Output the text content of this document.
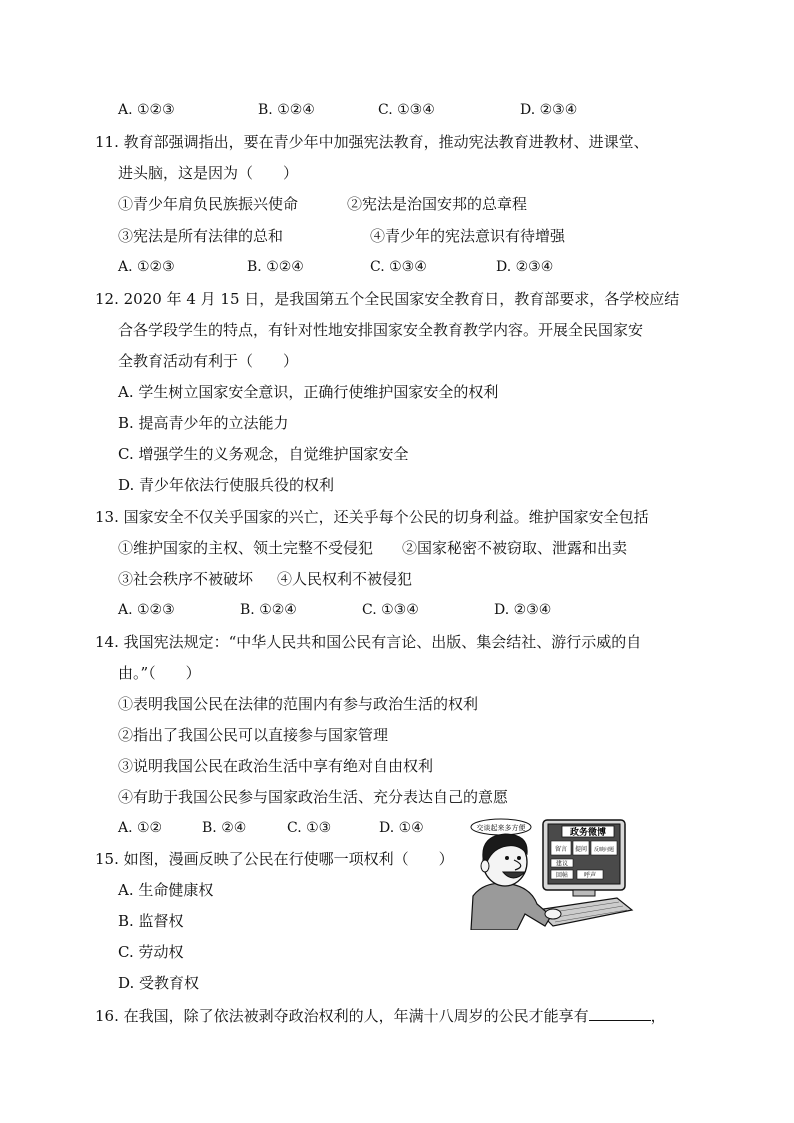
A. ①②③	B. ①②④	C. ①③④	D. ②③④
11. 教育部强调指出，要在青少年中加强宪法教育，推动宪法教育进教材、进课堂、
进头脑，这是因为（　　）
①青少年肩负民族振兴使命	②宪法是治国安邦的总章程
③宪法是所有法律的总和	④青少年的宪法意识有待增强
A. ①②③	B. ①②④	C. ①③④	D. ②③④
12. 2020 年 4 月 15 日，是我国第五个全民国家安全教育日，教育部要求，各学校应结
合各学段学生的特点，有针对性地安排国家安全教育教学内容。开展全民国家安
全教育活动有利于（　　）
A. 学生树立国家安全意识，正确行使维护国家安全的权利
B. 提高青少年的立法能力
C. 增强学生的义务观念，自觉维护国家安全
D. 青少年依法行使服兵役的权利
13. 国家安全不仅关乎国家的兴亡，还关乎每个公民的切身利益。维护国家安全包括
①维护国家的主权、领土完整不受侵犯 ②国家秘密不被窃取、泄露和出卖
③社会秩序不被破坏 ④人民权利不被侵犯
A. ①②③	B. ①②④	C. ①③④	D. ②③④
14. 我国宪法规定：“中华人民共和国公民有言论、出版、集会结社、游行示威的自
由。”（　　）
①表明我国公民在法律的范围内有参与政治生活的权利
②指出了我国公民可以直接参与国家管理
③说明我国公民在政治生活中享有绝对自由权利
④有助于我国公民参与国家政治生活、充分表达自己的意愿
A. ①②	B. ②④	C. ①③	D. ①④
15. 如图，漫画反映了公民在行使哪一项权利（　　）
A. 生命健康权
B. 监督权
C. 劳动权
D. 受教育权
交谈起来多方便	政务微博
留言 提问 反映问题
建议
回帖	呼声
16. 在我国，除了依法被剥夺政治权利的人，年满十八周岁的公民才能享有	，
